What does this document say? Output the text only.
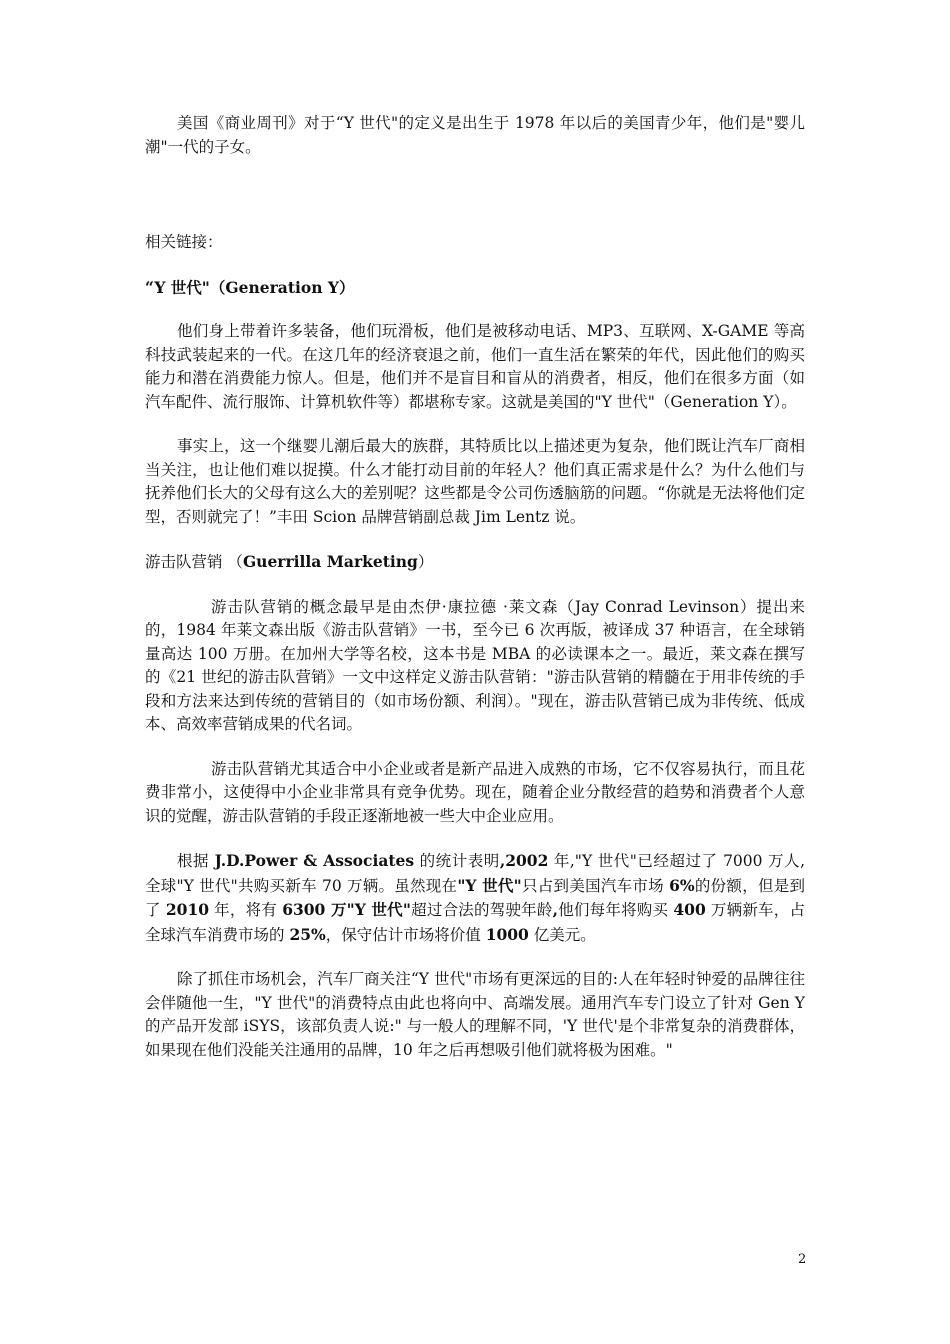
美国《商业周刊》对于“Y 世代"的定义是出生于 1978 年以后的美国青少年，他们是"婴儿潮"一代的子女。

相关链接：

“Y 世代"（Generation Y）

他们身上带着许多装备，他们玩滑板，他们是被移动电话、MP3、互联网、X-GAME 等高科技武装起来的一代。在这几年的经济衰退之前，他们一直生活在繁荣的年代，因此他们的购买能力和潜在消费能力惊人。但是，他们并不是盲目和盲从的消费者，相反，他们在很多方面（如汽车配件、流行服饰、计算机软件等）都堪称专家。这就是美国的"Y 世代"（Generation Y）。

事实上，这一个继婴儿潮后最大的族群，其特质比以上描述更为复杂，他们既让汽车厂商相当关注，也让他们难以捉摸。什么才能打动目前的年轻人？他们真正需求是什么？为什么他们与抚养他们长大的父母有这么大的差别呢？这些都是令公司伤透脑筋的问题。“你就是无法将他们定型，否则就完了！”丰田 Scion 品牌营销副总裁 Jim Lentz 说。

游击队营销 （Guerrilla Marketing）

游击队营销的概念最早是由杰伊·康拉德 ·莱文森（Jay Conrad Levinson）提出来的，1984 年莱文森出版《游击队营销》一书，至今已 6 次再版，被译成 37 种语言，在全球销量高达 100 万册。在加州大学等名校，这本书是 MBA 的必读课本之一。最近，莱文森在撰写的《21 世纪的游击队营销》一文中这样定义游击队营销："游击队营销的精髓在于用非传统的手段和方法来达到传统的营销目的（如市场份额、利润）。"现在，游击队营销已成为非传统、低成本、高效率营销成果的代名词。

游击队营销尤其适合中小企业或者是新产品进入成熟的市场，它不仅容易执行，而且花费非常小，这使得中小企业非常具有竞争优势。现在，随着企业分散经营的趋势和消费者个人意识的觉醒，游击队营销的手段正逐渐地被一些大中企业应用。

根据 J.D.Power & Associates 的统计表明,2002 年,"Y 世代"已经超过了 7000 万人,全球"Y 世代"共购买新车 70 万辆。虽然现在"Y 世代"只占到美国汽车市场 6%的份额，但是到了 2010 年，将有 6300 万"Y 世代"超过合法的驾驶年龄,他们每年将购买 400 万辆新车，占全球汽车消费市场的 25%，保守估计市场将价值 1000 亿美元。

除了抓住市场机会，汽车厂商关注“Y 世代"市场有更深远的目的:人在年轻时钟爱的品牌往往会伴随他一生，"Y 世代"的消费特点由此也将向中、高端发展。通用汽车专门设立了针对 Gen Y 的产品开发部 iSYS，该部负责人说:" 与一般人的理解不同，'Y 世代'是个非常复杂的消费群体，如果现在他们没能关注通用的品牌，10 年之后再想吸引他们就将极为困难。"

2
